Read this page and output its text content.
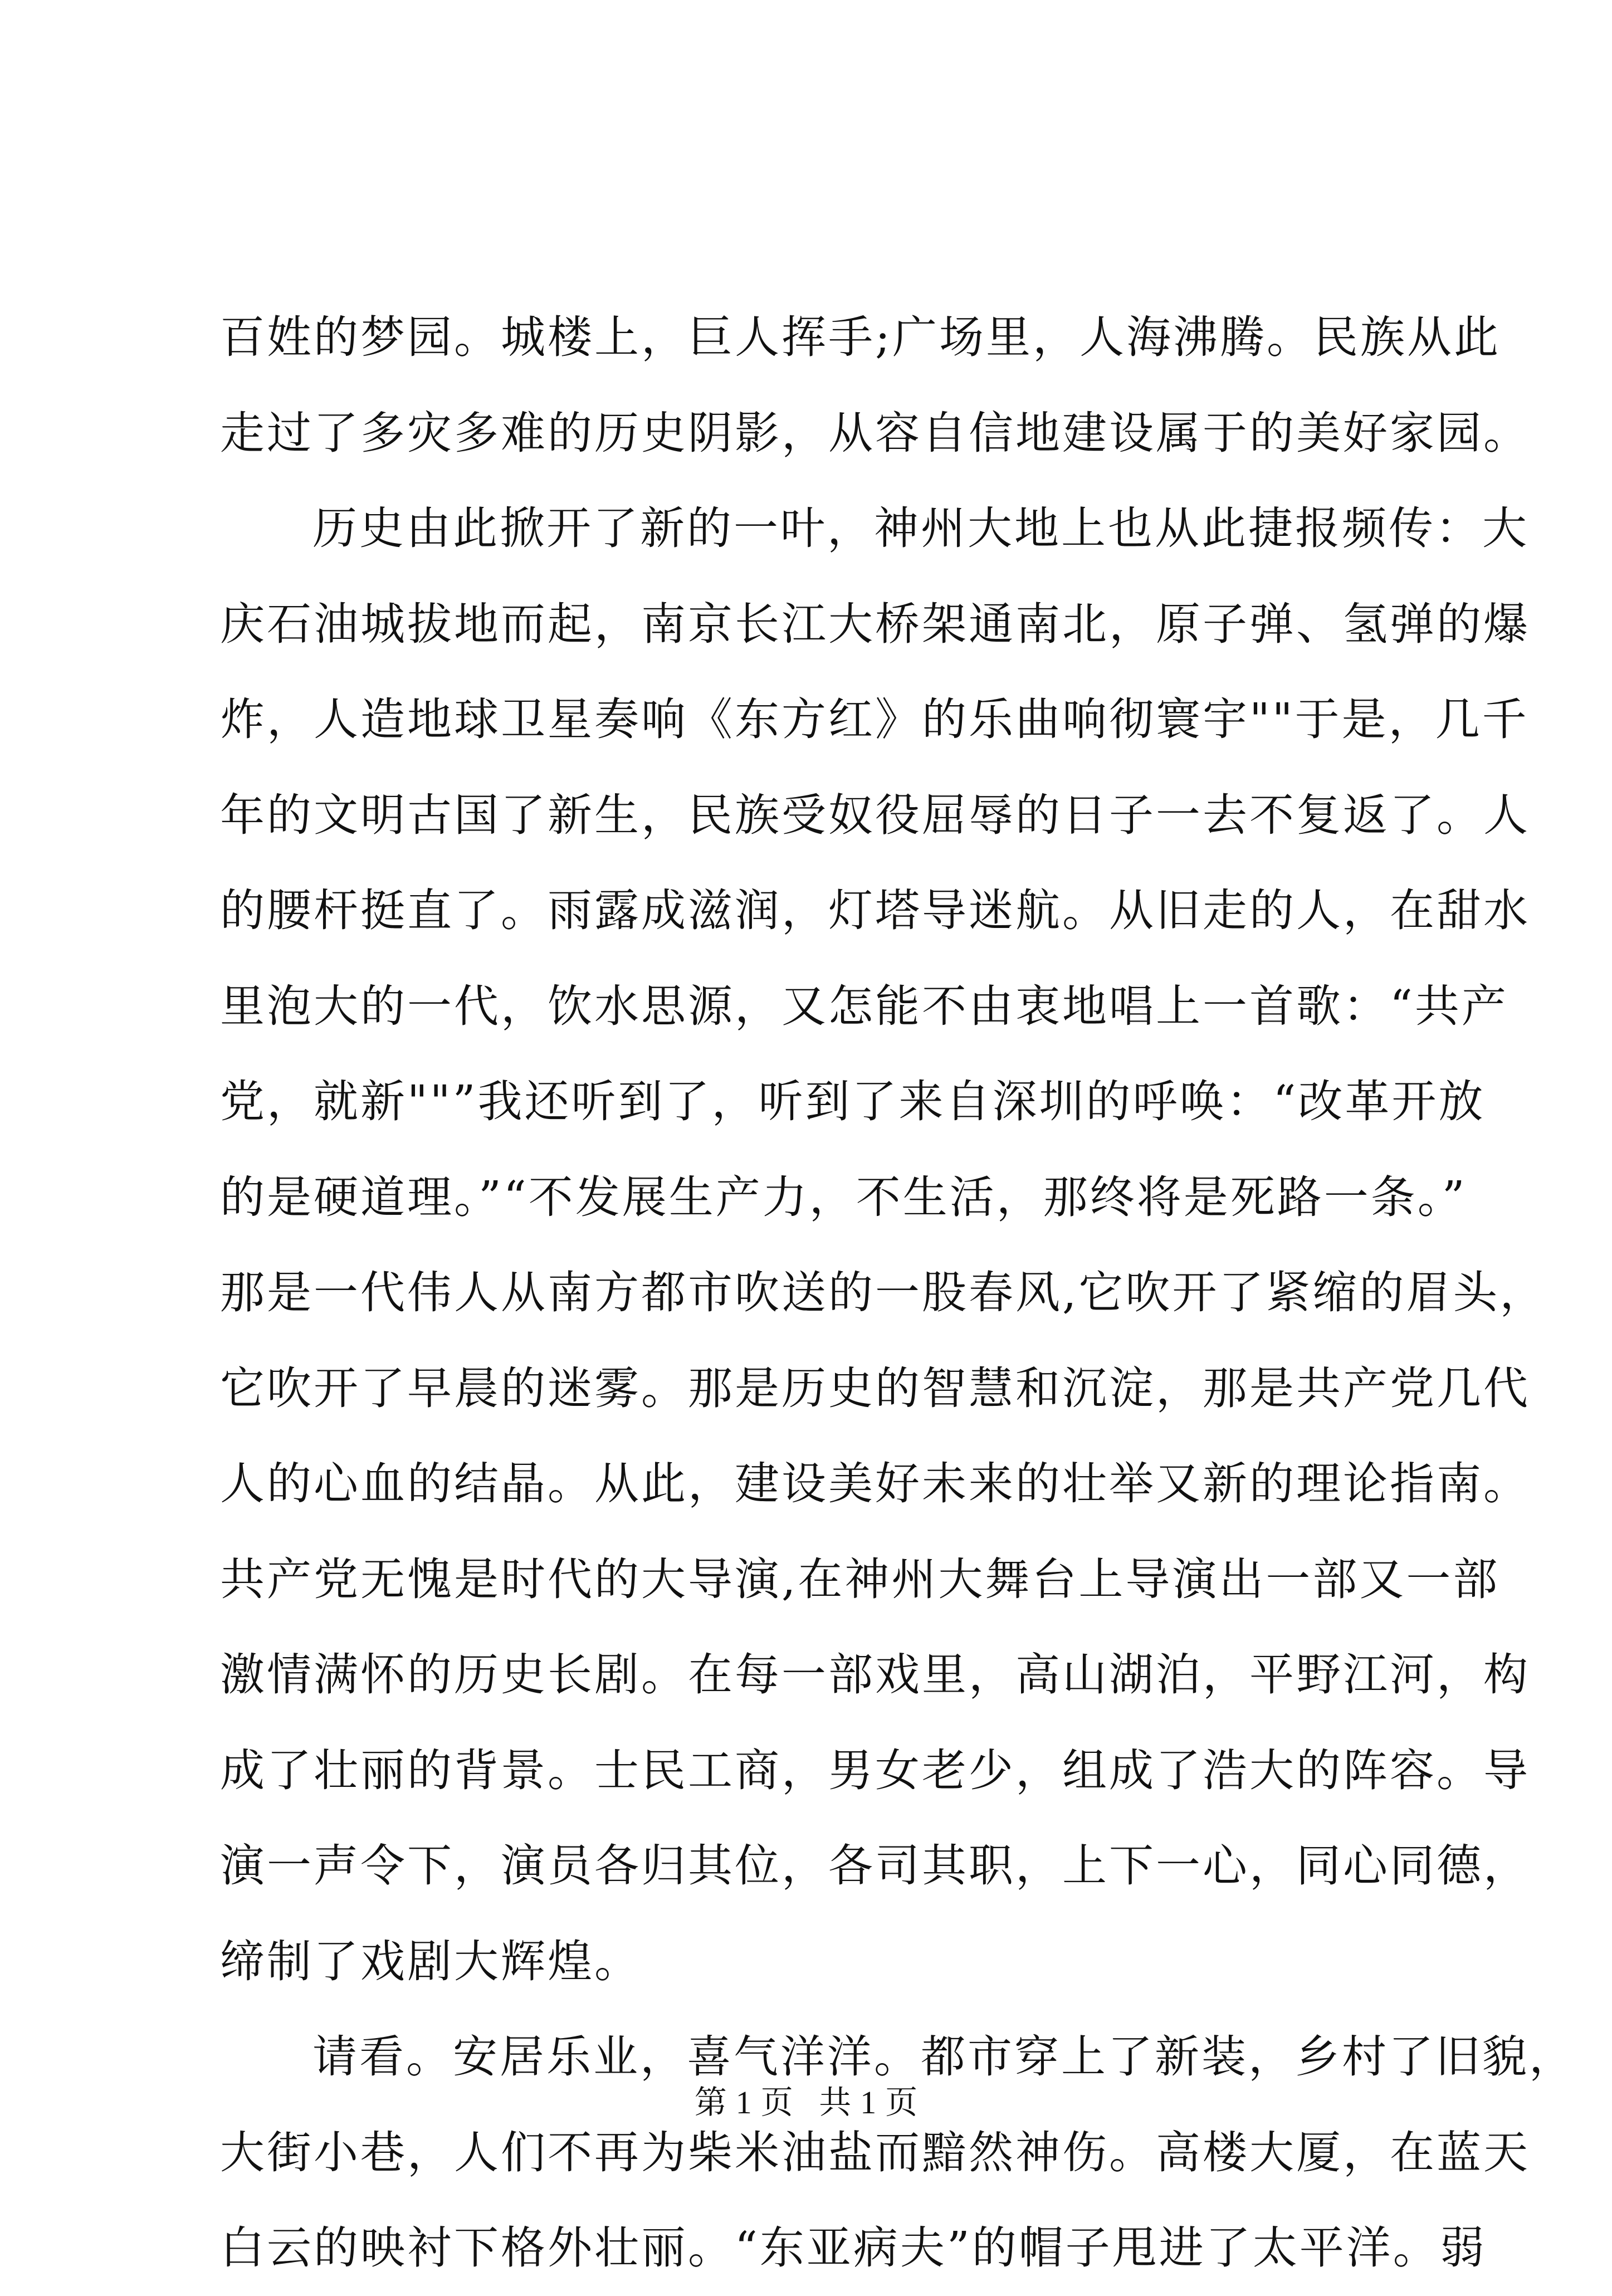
百姓的梦园。城楼上，巨人挥手;广场里，人海沸腾。民族从此
走过了多灾多难的历史阴影，从容自信地建设属于的美好家园。
历史由此掀开了新的一叶，神州大地上也从此捷报频传：大
庆石油城拔地而起，南京长江大桥架通南北，原子弹、氢弹的爆
炸，人造地球卫星奏响《东方红》的乐曲响彻寰宇""于是，几千
年的文明古国了新生，民族受奴役屈辱的日子一去不复返了。人
的腰杆挺直了。雨露成滋润，灯塔导迷航。从旧走的人，在甜水
里泡大的一代，饮水思源，又怎能不由衷地唱上一首歌：“共产
党，就新""”我还听到了，听到了来自深圳的呼唤：“改革开放
的是硬道理。”“不发展生产力，不生活，那终将是死路一条。”
那是一代伟人从南方都市吹送的一股春风,它吹开了紧缩的眉头，
它吹开了早晨的迷雾。那是历史的智慧和沉淀，那是共产党几代
人的心血的结晶。从此，建设美好未来的壮举又新的理论指南。
共产党无愧是时代的大导演,在神州大舞台上导演出一部又一部
激情满怀的历史长剧。在每一部戏里，高山湖泊，平野江河，构
成了壮丽的背景。士民工商，男女老少，组成了浩大的阵容。导
演一声令下，演员各归其位，各司其职，上下一心，同心同德，
缔制了戏剧大辉煌。
请看。安居乐业，喜气洋洋。都市穿上了新装，乡村了旧貌，
大街小巷，人们不再为柴米油盐而黯然神伤。高楼大厦，在蓝天
白云的映衬下格外壮丽。“东亚病夫”的帽子甩进了太平洋。弱
第 1 页 共 1 页
